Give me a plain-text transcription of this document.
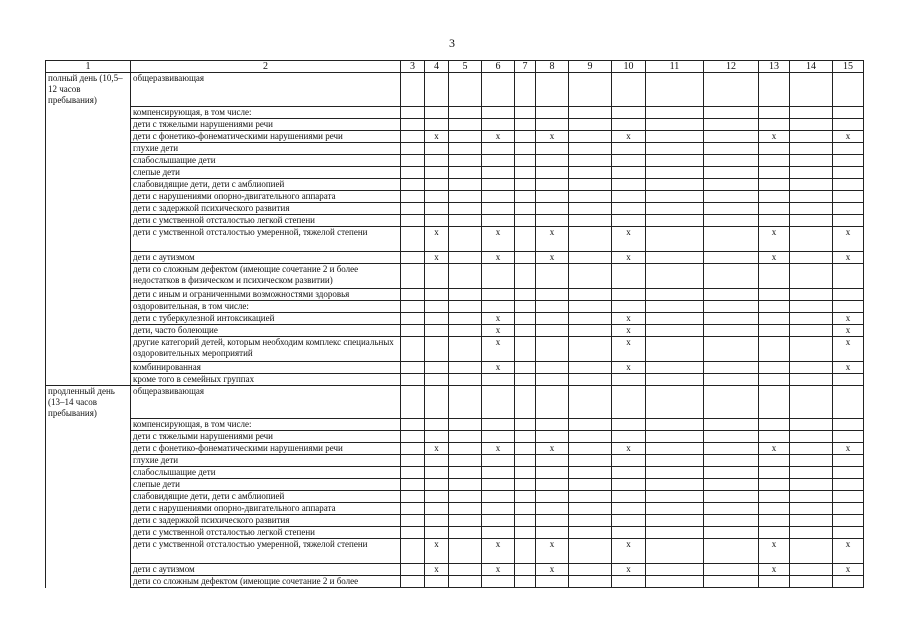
3
1	2	3	4	5	6	7	8	9	10	11	12	13	14	15
полный день (10,5–12 часов пребывания)	общеразвивающая													
	компенсирующая, в том числе:													
	дети с тяжелыми нарушениями речи													
	дети с фонетико-фонематическими нарушениями речи		x		x		x		x			x		x
	глухие дети													
	слабослышащие дети													
	слепые дети													
	слабовидящие дети, дети с амблиопией													
	дети с нарушениями опорно-двигательного аппарата													
	дети с задержкой психического развития													
	дети с умственной отсталостью легкой степени													
	дети с умственной отсталостью умеренной, тяжелой степени		x		x		x		x			x		x
	дети с аутизмом		x		x		x		x			x		x
	дети со сложным дефектом (имеющие сочетание 2 и более недостатков в физическом и психическом развитии)													
	дети с иным и ограниченными возможностями здоровья													
	оздоровительная, в том числе:													
	дети с туберкулезной интоксикацией				x				x					x
	дети, часто болеющие				x				x					x
	другие категорий детей, которым необходим комплекс специальных оздоровительных мероприятий				x				x					x
	комбинированная				x				x					x
	кроме того в семейных группах													
продленный день (13–14 часов пребывания)	общеразвивающая													
	компенсирующая, в том числе:													
	дети с тяжелыми нарушениями речи													
	дети с фонетико-фонематическими нарушениями речи		x		x		x		x			x		x
	глухие дети													
	слабослышащие дети													
	слепые дети													
	слабовидящие дети, дети с амблиопией													
	дети с нарушениями опорно-двигательного аппарата													
	дети с задержкой психического развития													
	дети с умственной отсталостью легкой степени													
	дети с умственной отсталостью умеренной, тяжелой степени		x		x		x		x			x		x
	дети с аутизмом		x		x		x		x			x		x
	дети со сложным дефектом (имеющие сочетание 2 и более													
